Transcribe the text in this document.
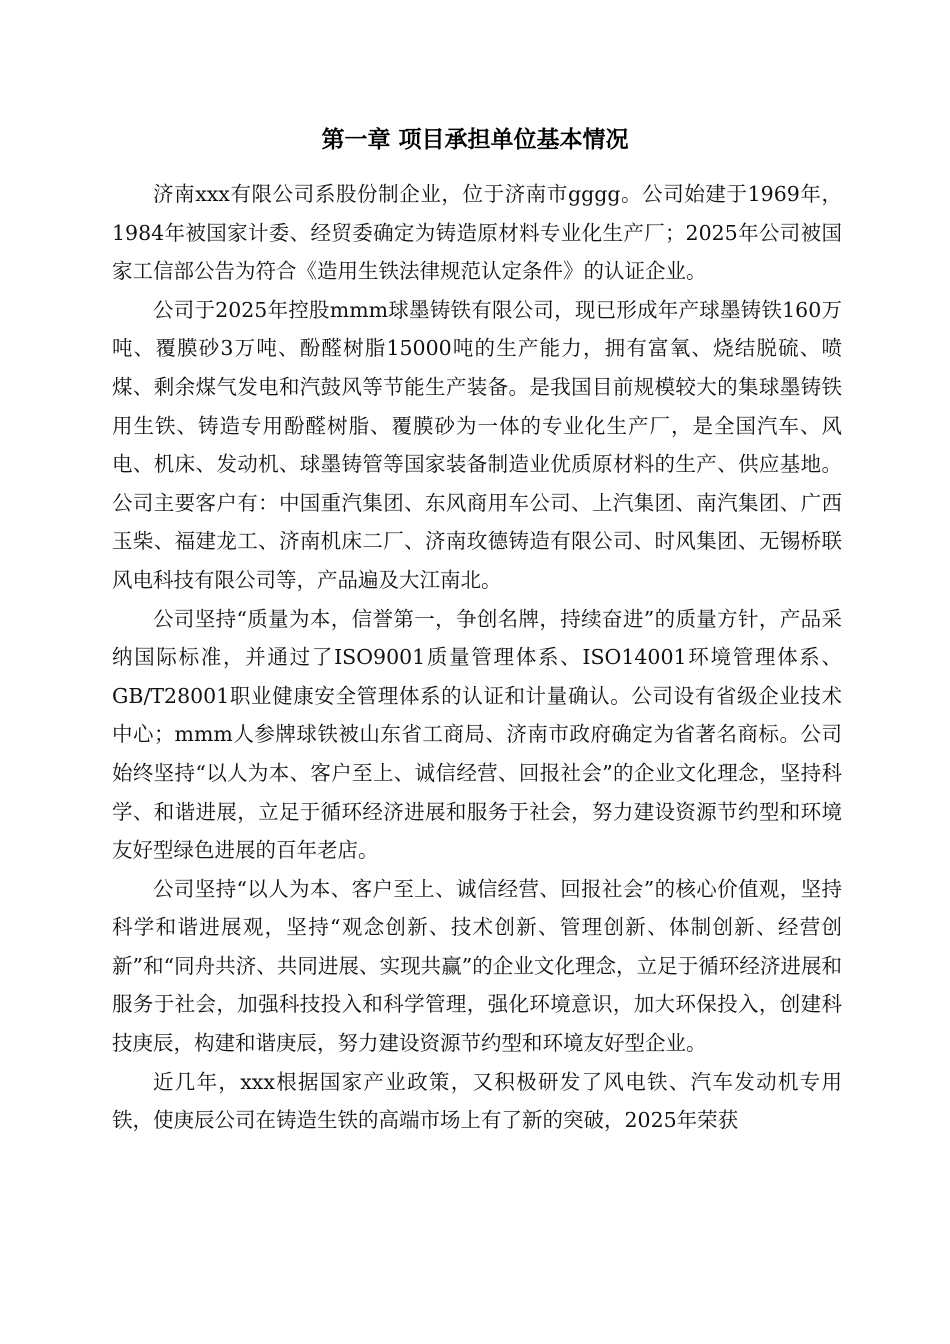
第一章 项目承担单位基本情况

济南xxx有限公司系股份制企业，位于济南市gggg。公司始建于1969年，1984年被国家计委、经贸委确定为铸造原材料专业化生产厂；2025年公司被国家工信部公告为符合《造用生铁法律规范认定条件》的认证企业。

公司于2025年控股mmm球墨铸铁有限公司，现已形成年产球墨铸铁160万吨、覆膜砂3万吨、酚醛树脂15000吨的生产能力，拥有富氧、烧结脱硫、喷煤、剩余煤气发电和汽鼓风等节能生产装备。是我国目前规模较大的集球墨铸铁用生铁、铸造专用酚醛树脂、覆膜砂为一体的专业化生产厂，是全国汽车、风电、机床、发动机、球墨铸管等国家装备制造业优质原材料的生产、供应基地。公司主要客户有：中国重汽集团、东风商用车公司、上汽集团、南汽集团、广西玉柴、福建龙工、济南机床二厂、济南玫德铸造有限公司、时风集团、无锡桥联风电科技有限公司等，产品遍及大江南北。

公司坚持“质量为本，信誉第一，争创名牌，持续奋进”的质量方针，产品采纳国际标准，并通过了ISO9001质量管理体系、ISO14001环境管理体系、GB/T28001职业健康安全管理体系的认证和计量确认。公司设有省级企业技术中心；mmm人参牌球铁被山东省工商局、济南市政府确定为省著名商标。公司始终坚持“以人为本、客户至上、诚信经营、回报社会”的企业文化理念，坚持科学、和谐进展，立足于循环经济进展和服务于社会，努力建设资源节约型和环境友好型绿色进展的百年老店。

公司坚持“以人为本、客户至上、诚信经营、回报社会”的核心价值观，坚持科学和谐进展观，坚持“观念创新、技术创新、管理创新、体制创新、经营创新”和“同舟共济、共同进展、实现共赢”的企业文化理念，立足于循环经济进展和服务于社会，加强科技投入和科学管理，强化环境意识，加大环保投入，创建科技庚辰，构建和谐庚辰，努力建设资源节约型和环境友好型企业。

近几年，xxx根据国家产业政策，又积极研发了风电铁、汽车发动机专用铁，使庚辰公司在铸造生铁的高端市场上有了新的突破，2025年荣获
